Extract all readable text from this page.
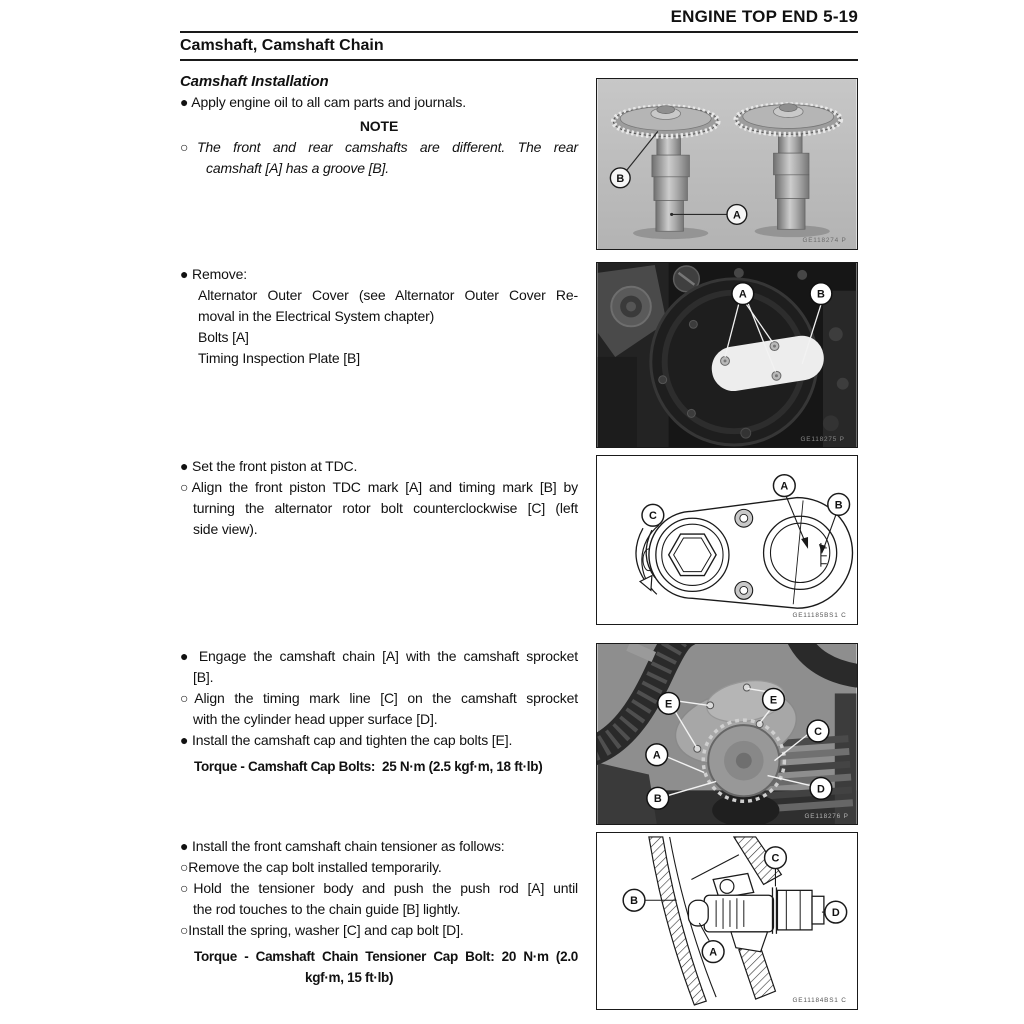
ENGINE TOP END 5-19
Camshaft, Camshaft Chain
Camshaft Installation
● Apply engine oil to all cam parts and journals.
NOTE
○The front and rear camshafts are different. The rear
camshaft [A] has a groove [B].
● Remove:
Alternator Outer Cover (see Alternator Outer Cover Re-
moval in the Electrical System chapter)
Bolts [A]
Timing Inspection Plate [B]
● Set the front piston at TDC.
○Align the front piston TDC mark [A] and timing mark [B] by
turning the alternator rotor bolt counterclockwise [C] (left
side view).
● Engage the camshaft chain [A] with the camshaft sprocket
[B].
○Align the timing mark line [C] on the camshaft sprocket
with the cylinder head upper surface [D].
● Install the camshaft cap and tighten the cap bolts [E].
Torque - Camshaft Cap Bolts:  25 N·m (2.5 kgf·m, 18 ft·lb)
● Install the front camshaft chain tensioner as follows:
○Remove the cap bolt installed temporarily.
○Hold the tensioner body and push the push rod [A] until
the rod touches to the chain guide [B] lightly.
○Install the spring, washer [C] and cap bolt [D].
Torque - Camshaft Chain Tensioner Cap Bolt: 20 N·m (2.0
kgf·m, 15 ft·lb)
B
A
GE118274 P
A	B
GE118275 P
C
A
B
GE11185BS1 C
E	E
A
B
C
D
GE118276 P
B
A
C
D
GE11184BS1 C
